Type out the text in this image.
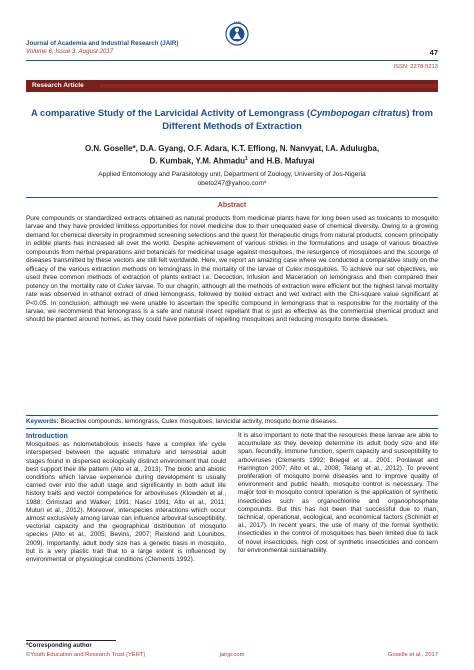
Journal of Academia and Industrial Research (JAIR)
Volume 6, Issue 3, August 2017
JAIR
47
ISSN: 2278-5213
Research Article
A comparative Study of the Larvicidal Activity of Lemongrass (Cymbopogan citratus) from Different Methods of Extraction
O.N. Goselle*, D.A. Gyang, O.F. Adara, K.T. Effiong, N. Nanvyat, I.A. Adulugba,
D. Kumbak, Y.M. Ahmadu$^1$ and H.B. Mafuyai
Applied Entomology and Parasitology unit, Department of Zoology, University of Jos-Nigeria
obeto247@yahoo.com*
Abstract
Pure compounds or standardized extracts obtained as natural products from medicinal plants have for long been used as toxicants to mosquito larvae and they have provided limitless opportunities for novel medicine due to their unequaled ease of chemical diversity. Owing to a growing demand for chemical diversity in programmed screening selections and the quest for therapeutic drugs from natural products, concern principally in edible plants has increased all over the world. Despite achievement of various strides in the formulations and usage of various bioactive compounds from herbal preparations and botanicals for medicinal usage against mosquitoes, the resurgence of mosquitoes and the scourge of diseases transmitted by these vectors are still felt worldwide. Here, we report an amazing case where we conducted a comparative study on the efficacy of the various extraction methods on lemongrass in the mortality of the larvae of Culex mosquitoes. To achieve our set objectives, we used three common methods of extraction of plants extract i.e. Decoction, Infusion and Maceration on lemongrass and then compared their potency on the mortality rate of Culex larvae. To our chagrin, although all the methods of extraction were efficient but the highest larval mortality rate was observed in ethanol extract of dried lemongrass, followed by boiled extract and wet extract with the Chi-square value significant at P<0.05. In conclusion, although we were unable to ascertain the specific compound in lemongrass that is responsible for the mortality of the larvae, we recommend that lemongrass is a safe and natural insect repellant that is just as effective as the commercial chemical product and should be planted around homes, as they could have potentials of repelling mosquitoes and reducing mosquito borne diseases.
Keywords: Bioactive compounds, lemongrass, Culex mosquitoes, larvicidal activity, mosquito borne diseases.
Introduction
Mosquitoes as holometabolous insects have a complex life cycle interspersed between the aquatic immature and terrestrial adult stages found in dispersed ecologically distinct environment that could best support their life pattern (Alto et al., 2013). The biotic and abiotic conditions which larvae experience during development is usually carried over into the adult stage and significantly in both adult life history traits and vector competence for arboviruses (Klowden et al., 1988; Grimstad and Walker, 1991; Nasci 1991; Alto et al., 2011; Muturi et al., 2012). Moreover, interspecies interactions which occur almost exclusively among larvae can influence arboviral susceptibility, vectorial capacity and the geographical distribution of mosquito species (Alto et al., 2005; Bevins, 2007; Reiskind and Lounibos, 2009). Importantly, adult body size has a genetic basis in mosquito, but is a very plastic trait that to a large extent is influenced by environmental or physiological conditions (Clements 1992).
It is also important to note that the resources these larvae are able to accumulate as they develop determine its adult body size and life span, fecundity, immune function, sperm capacity and susceptibility to arboviruses (Clements 1992; Briegel et al., 2001; Ponlawat and Harrington 2007; Alto et al., 2008; Telang et al., 2012). To prevent proliferation of mosquito borne diseases and to improve quality of environment and public health, mosquito control is necessary. The major tool in mosquito control operation is the application of synthetic insecticides such as organochlorine and organophosphate compounds. But this has not been that successful due to man, technical, operational, ecological, and economical factors (Schmidt et al., 2017). In recent years, the use of many of the formal synthetic insecticides in the control of mosquitoes has been limited due to lack of novel insecticides, high cost of synthetic insecticides and concern for environmental sustainability.
*Corresponding author
©Youth Education and Research Trust (YERT)	jairjp.com	Goselle et al., 2017
